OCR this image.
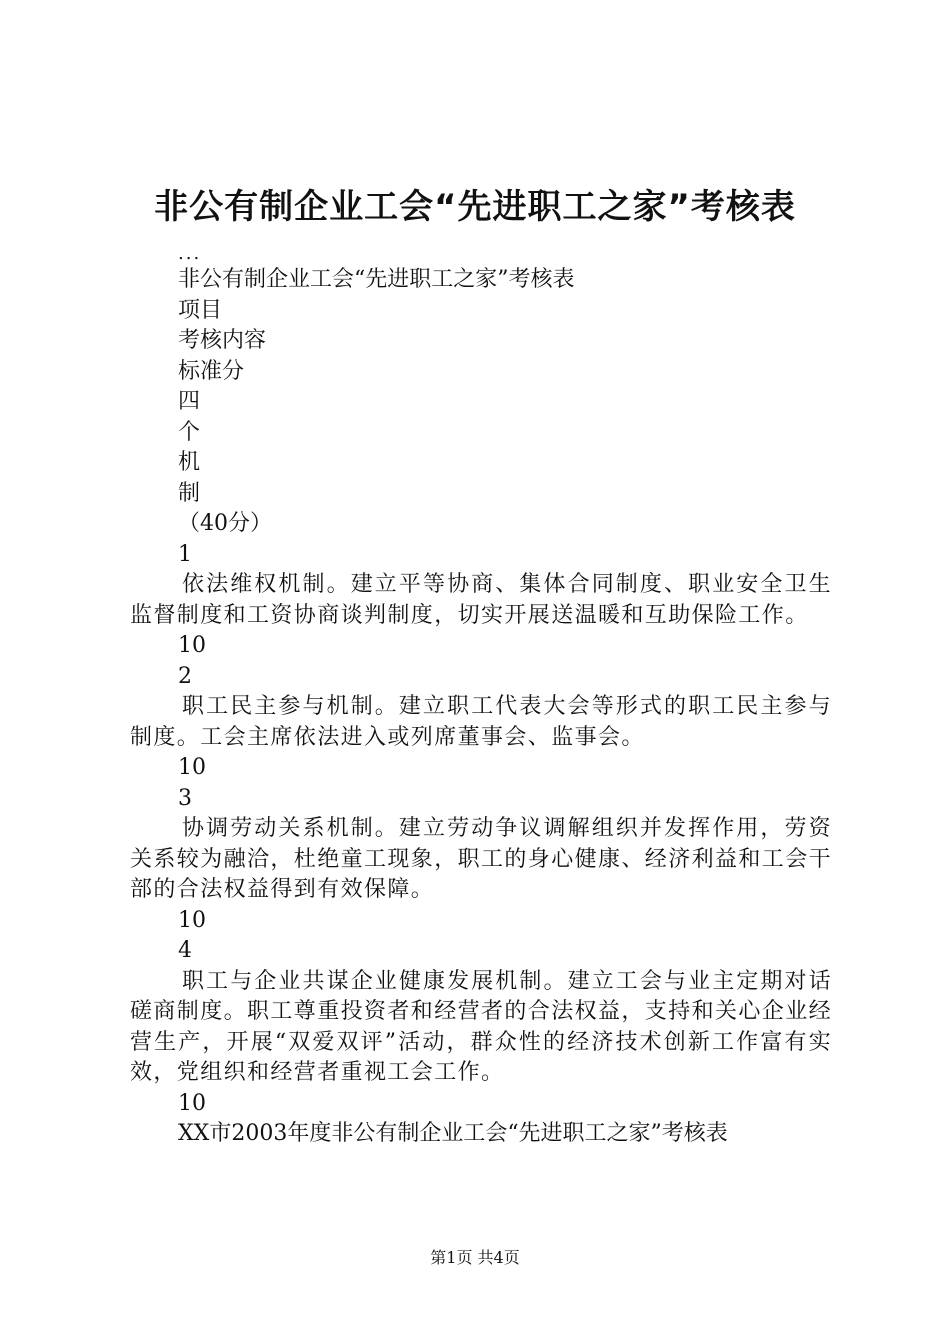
非公有制企业工会“先进职工之家”考核表
...
非公有制企业工会“先进职工之家”考核表
项目
考核内容
标准分
四
个
机
制
（40分）
1
依法维权机制。建立平等协商、集体合同制度、职业安全卫生监督制度和工资协商谈判制度，切实开展送温暖和互助保险工作。
10
2
职工民主参与机制。建立职工代表大会等形式的职工民主参与制度。工会主席依法进入或列席董事会、监事会。
10
3
协调劳动关系机制。建立劳动争议调解组织并发挥作用，劳资关系较为融洽，杜绝童工现象，职工的身心健康、经济利益和工会干部的合法权益得到有效保障。
10
4
职工与企业共谋企业健康发展机制。建立工会与业主定期对话磋商制度。职工尊重投资者和经营者的合法权益，支持和关心企业经营生产，开展“双爱双评”活动，群众性的经济技术创新工作富有实效，党组织和经营者重视工会工作。
10
XX市2003年度非公有制企业工会“先进职工之家”考核表
第1页 共4页
